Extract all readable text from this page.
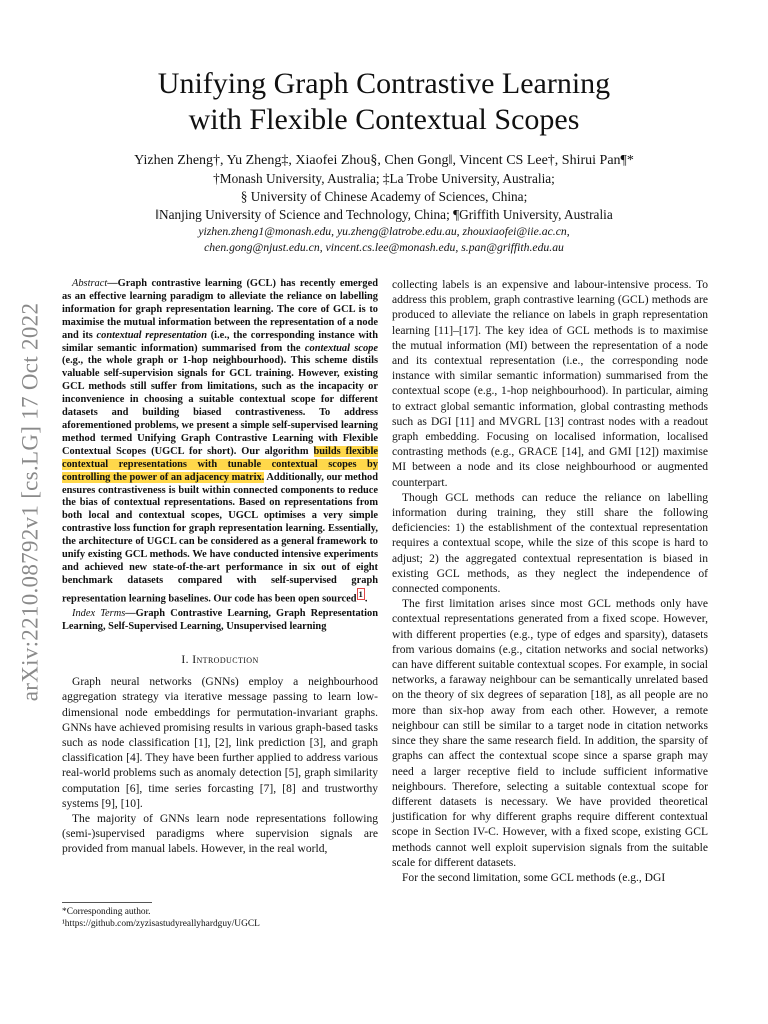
arXiv:2210.08792v1 [cs.LG] 17 Oct 2022
Unifying Graph Contrastive Learning
with Flexible Contextual Scopes
Yizhen Zheng†, Yu Zheng‡, Xiaofei Zhou§, Chen Gong‖, Vincent CS Lee†, Shirui Pan¶*
†Monash University, Australia; ‡La Trobe University, Australia;
§ University of Chinese Academy of Sciences, China;
‖Nanjing University of Science and Technology, China; ¶Griffith University, Australia
yizhen.zheng1@monash.edu, yu.zheng@latrobe.edu.au, zhouxiaofei@iie.ac.cn,
chen.gong@njust.edu.cn, vincent.cs.lee@monash.edu, s.pan@griffith.edu.au

Abstract—Graph contrastive learning (GCL) has recently emerged as an effective learning paradigm to alleviate the reliance on labelling information for graph representation learning. The core of GCL is to maximise the mutual information between the representation of a node and its contextual representation (i.e., the corresponding instance with similar semantic information) summarised from the contextual scope (e.g., the whole graph or 1-hop neighbourhood). This scheme distils valuable self-supervision signals for GCL training. However, existing GCL methods still suffer from limitations, such as the incapacity or inconvenience in choosing a suitable contextual scope for different datasets and building biased contrastiveness. To address aforementioned problems, we present a simple self-supervised learning method termed Unifying Graph Contrastive Learning with Flexible Contextual Scopes (UGCL for short). Our algorithm builds flexible contextual representations with tunable contextual scopes by controlling the power of an adjacency matrix. Additionally, our method ensures contrastiveness is built within connected components to reduce the bias of contextual representations. Based on representations from both local and contextual scopes, UGCL optimises a very simple contrastive loss function for graph representation learning. Essentially, the architecture of UGCL can be considered as a general framework to unify existing GCL methods. We have conducted intensive experiments and achieved new state-of-the-art performance in six out of eight benchmark datasets compared with self-supervised graph representation learning baselines. Our code has been open sourced $^1$ .

Index Terms—Graph Contrastive Learning, Graph Representation Learning, Self-Supervised Learning, Unsupervised learning

I. Introduction

Graph neural networks (GNNs) employ a neighbourhood aggregation strategy via iterative message passing to learn low-dimensional node embeddings for permutation-invariant graphs. GNNs have achieved promising results in various graph-based tasks such as node classification [1], [2], link prediction [3], and graph classification [4]. They have been further applied to address various real-world problems such as anomaly detection [5], graph similarity computation [6], time series forcasting [7], [8] and trustworthy systems [9], [10].

The majority of GNNs learn node representations following (semi-)supervised paradigms where supervision signals are provided from manual labels. However, in the real world,

collecting labels is an expensive and labour-intensive process. To address this problem, graph contrastive learning (GCL) methods are produced to alleviate the reliance on labels in graph representation learning [11]–[17]. The key idea of GCL methods is to maximise the mutual information (MI) between the representation of a node and its contextual representation (i.e., the corresponding node instance with similar semantic information) summarised from the contextual scope (e.g., 1-hop neighbourhood). In particular, aiming to extract global semantic information, global contrasting methods such as DGI [11] and MVGRL [13] contrast nodes with a readout graph embedding. Focusing on localised information, localised contrasting methods (e.g., GRACE [14], and GMI [12]) maximise MI between a node and its close neighbourhood or augmented counterpart.

Though GCL methods can reduce the reliance on labelling information during training, they still share the following deficiencies: 1) the establishment of the contextual representation requires a contextual scope, while the size of this scope is hard to adjust; 2) the aggregated contextual representation is biased in existing GCL methods, as they neglect the independence of connected components.

The first limitation arises since most GCL methods only have contextual representations generated from a fixed scope. However, with different properties (e.g., type of edges and sparsity), datasets from various domains (e.g., citation networks and social networks) can have different suitable contextual scopes. For example, in social networks, a faraway neighbour can be semantically unrelated based on the theory of six degrees of separation [18], as all people are no more than six-hop away from each other. However, a remote neighbour can still be similar to a target node in citation networks since they share the same research field. In addition, the sparsity of graphs can affect the contextual scope since a sparse graph may need a larger receptive field to include sufficient informative neighbours. Therefore, selecting a suitable contextual scope for different datasets is necessary. We have provided theoretical justification for why different graphs require different contextual scope in Section IV-C. However, with a fixed scope, existing GCL methods cannot well exploit supervision signals from the suitable scale for different datasets.

For the second limitation, some GCL methods (e.g., DGI

*Corresponding author.
¹https://github.com/zyzisastudyreallyhardguy/UGCL
